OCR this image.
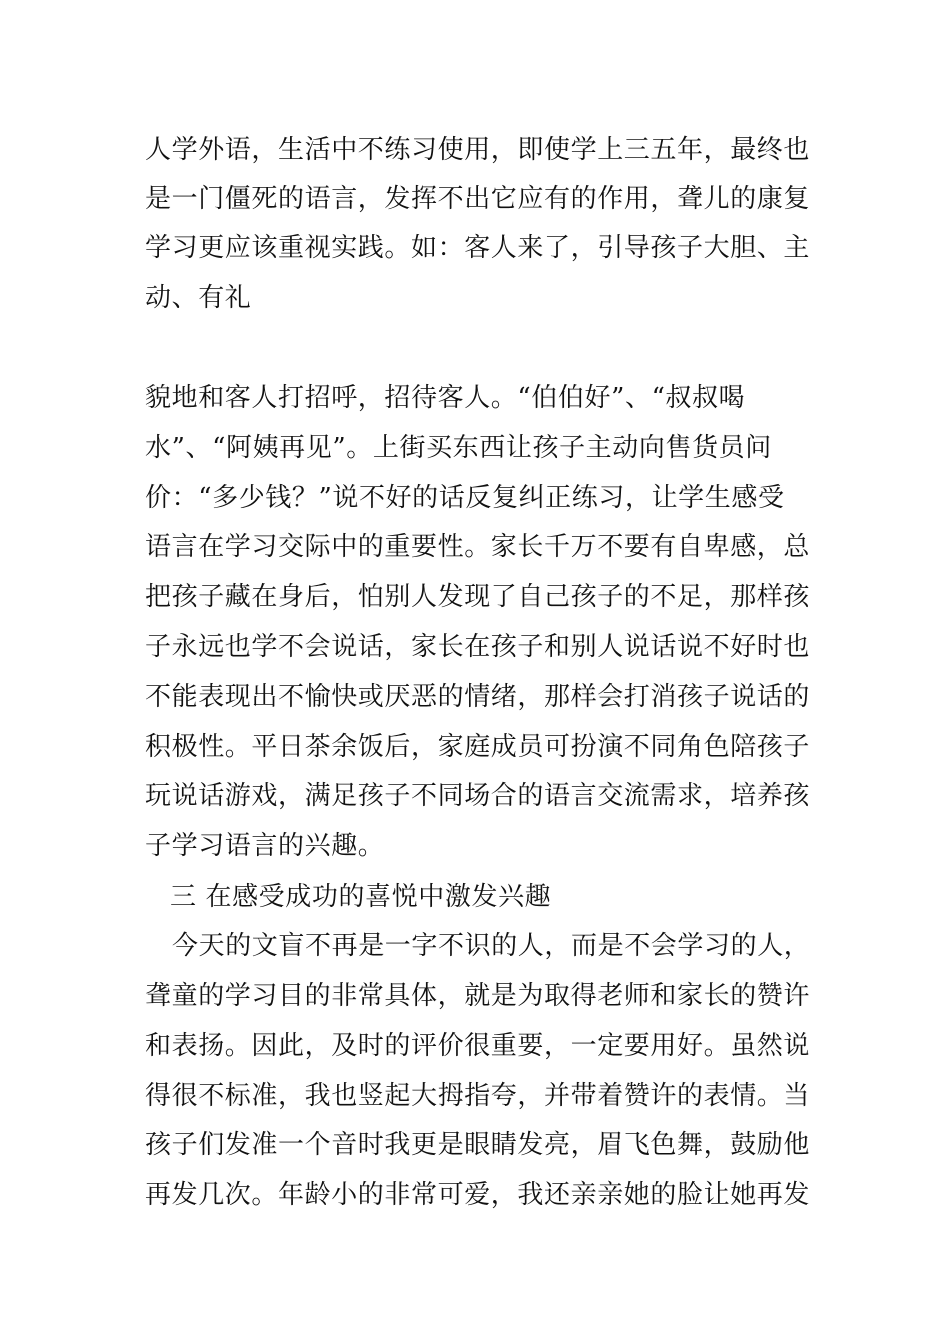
人学外语，生活中不练习使用，即使学上三五年，最终也
是一门僵死的语言，发挥不出它应有的作用，聋儿的康复
学习更应该重视实践。如：客人来了，引导孩子大胆、主
动、有礼
貌地和客人打招呼，招待客人。“伯伯好”、“叔叔喝
水”、“阿姨再见”。上街买东西让孩子主动向售货员问
价：“多少钱？”说不好的话反复纠正练习，让学生感受
语言在学习交际中的重要性。家长千万不要有自卑感，总
把孩子藏在身后，怕别人发现了自己孩子的不足，那样孩
子永远也学不会说话，家长在孩子和别人说话说不好时也
不能表现出不愉快或厌恶的情绪，那样会打消孩子说话的
积极性。平日茶余饭后，家庭成员可扮演不同角色陪孩子
玩说话游戏，满足孩子不同场合的语言交流需求，培养孩
子学习语言的兴趣。
三 在感受成功的喜悦中激发兴趣
今天的文盲不再是一字不识的人，而是不会学习的人，
聋童的学习目的非常具体，就是为取得老师和家长的赞许
和表扬。因此，及时的评价很重要，一定要用好。虽然说
得很不标准，我也竖起大拇指夸，并带着赞许的表情。当
孩子们发准一个音时我更是眼睛发亮，眉飞色舞，鼓励他
再发几次。年龄小的非常可爱，我还亲亲她的脸让她再发
